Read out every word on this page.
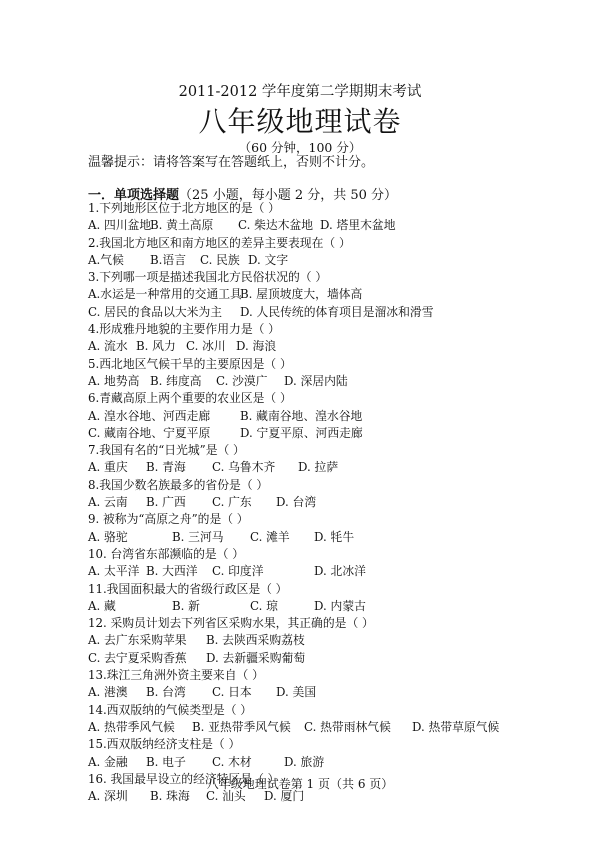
2011-2012 学年度第二学期期末考试
八年级地理试卷
（60 分钟，100 分）
温馨提示：请将答案写在答题纸上，否则不计分。
一．单项选择题（25 小题，每小题 2 分，共 50 分）
1.下列地形区位于北方地区的是（ ）
A. 四川盆地
B. 黄土高原 C. 柴达木盆地 D. 塔里木盆地
2.我国北方地区和南方地区的差异主要表现在（ ）
A.气候 B.语言 C. 民族 D. 文字
3.下列哪一项是描述我国北方民俗状况的（ ）
A.水运是一种常用的交通工具
B. 屋顶坡度大，墙体高
C. 居民的食品以大米为主 D. 人民传统的体育项目是溜冰和滑雪
4.形成雅丹地貌的主要作用力是（ ）
A. 流水 B. 风力 C. 冰川 D. 海浪
5.西北地区气候干旱的主要原因是（ ）
A. 地势高 B. 纬度高 C. 沙漠广 D. 深居内陆
6.青藏高原上两个重要的农业区是（ ）
A. 湟水谷地、河西走廊	B. 藏南谷地、湟水谷地
C. 藏南谷地、宁夏平原	D. 宁夏平原、河西走廊
7.我国有名的“日光城”是（ ）
A. 重庆 B. 青海 C. 乌鲁木齐 D. 拉萨
8.我国少数名族最多的省份是（ ）
A. 云南 B. 广西 C. 广东 D. 台湾
9. 被称为“高原之舟”的是（ ）
A. 骆驼	B. 三河马 C. 滩羊 D. 牦牛
10. 台湾省东部濒临的是（ ）
A. 太平洋 B. 大西洋 C. 印度洋	D. 北冰洋
11.我国面积最大的省级行政区是（ ）
A. 藏	B. 新	C. 琼	D. 内蒙古
12. 采购员计划去下列省区采购水果，其正确的是（ ）
A. 去广东采购苹果 B. 去陕西采购荔枝
C. 去宁夏采购香蕉 D. 去新疆采购葡萄
13.珠江三角洲外资主要来自（ ）
A. 港澳 B. 台湾 C. 日本 D. 美国
14.西双版纳的气候类型是（ ）
A. 热带季风气候 B. 亚热带季风气候 C. 热带雨林气候 D. 热带草原气候
15.西双版纳经济支柱是（ ）
A. 金融 B. 电子 C. 木材	D. 旅游
16. 我国最早设立的经济特区是（ ）
A. 深圳 B. 珠海 C. 汕头 D. 厦门
八年级地理试卷第 1 页（共 6 页）
